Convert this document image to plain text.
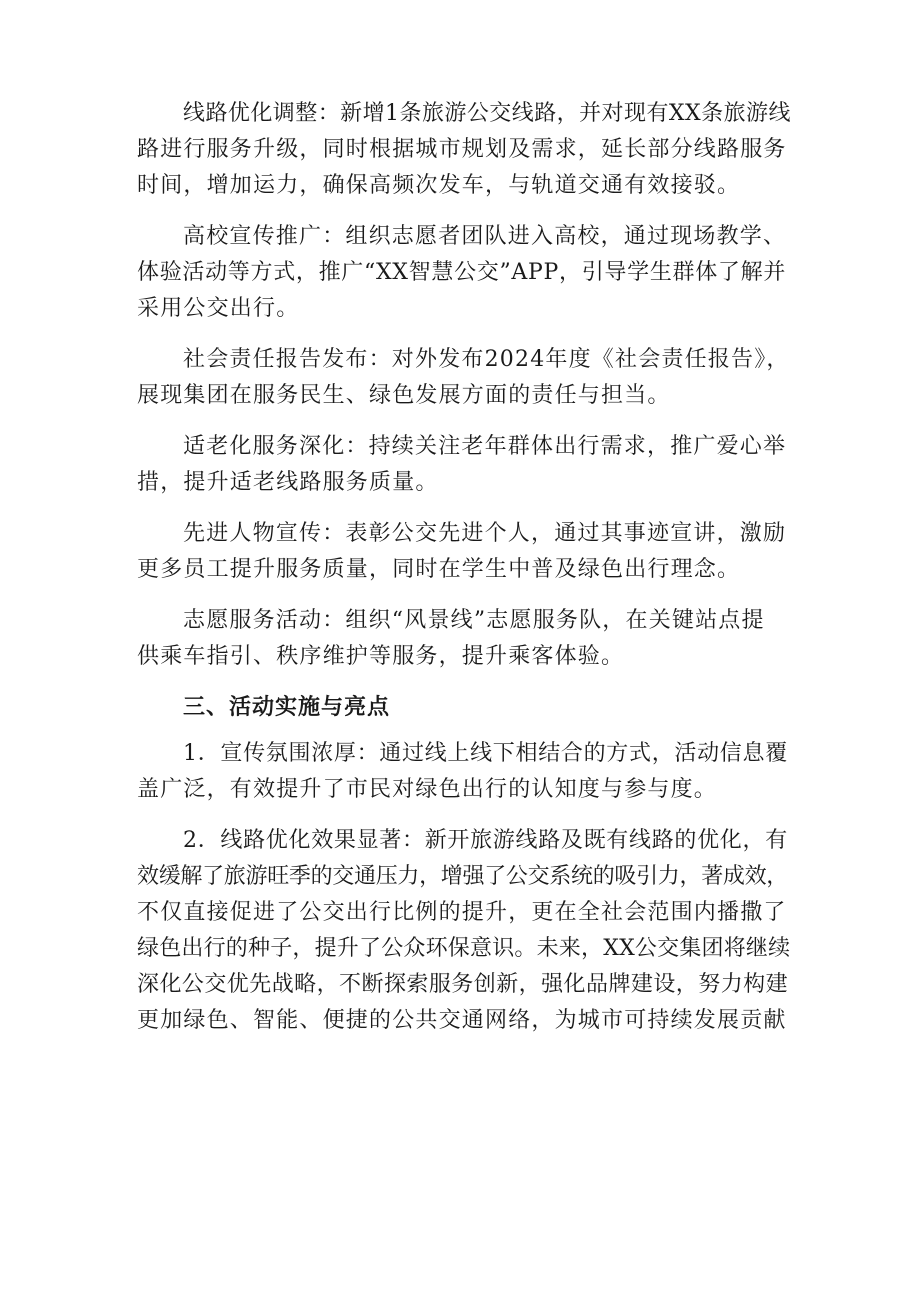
线路优化调整：新增1条旅游公交线路，并对现有XX条旅游线
路进行服务升级，同时根据城市规划及需求，延长部分线路服务
时间，增加运力，确保高频次发车，与轨道交通有效接驳。

高校宣传推广：组织志愿者团队进入高校，通过现场教学、
体验活动等方式，推广“XX智慧公交”APP，引导学生群体了解并
采用公交出行。

社会责任报告发布：对外发布2024年度《社会责任报告》，
展现集团在服务民生、绿色发展方面的责任与担当。

适老化服务深化：持续关注老年群体出行需求，推广爱心举
措，提升适老线路服务质量。

先进人物宣传：表彰公交先进个人，通过其事迹宣讲，激励
更多员工提升服务质量，同时在学生中普及绿色出行理念。

志愿服务活动：组织“风景线”志愿服务队，在关键站点提
供乘车指引、秩序维护等服务，提升乘客体验。

三、活动实施与亮点

1．宣传氛围浓厚：通过线上线下相结合的方式，活动信息覆
盖广泛，有效提升了市民对绿色出行的认知度与参与度。

2．线路优化效果显著：新开旅游线路及既有线路的优化，有
效缓解了旅游旺季的交通压力，增强了公交系统的吸引力，著成效，
不仅直接促进了公交出行比例的提升，更在全社会范围内播撒了
绿色出行的种子，提升了公众环保意识。未来，XX公交集团将继续
深化公交优先战略，不断探索服务创新，强化品牌建设，努力构建
更加绿色、智能、便捷的公共交通网络，为城市可持续发展贡献
